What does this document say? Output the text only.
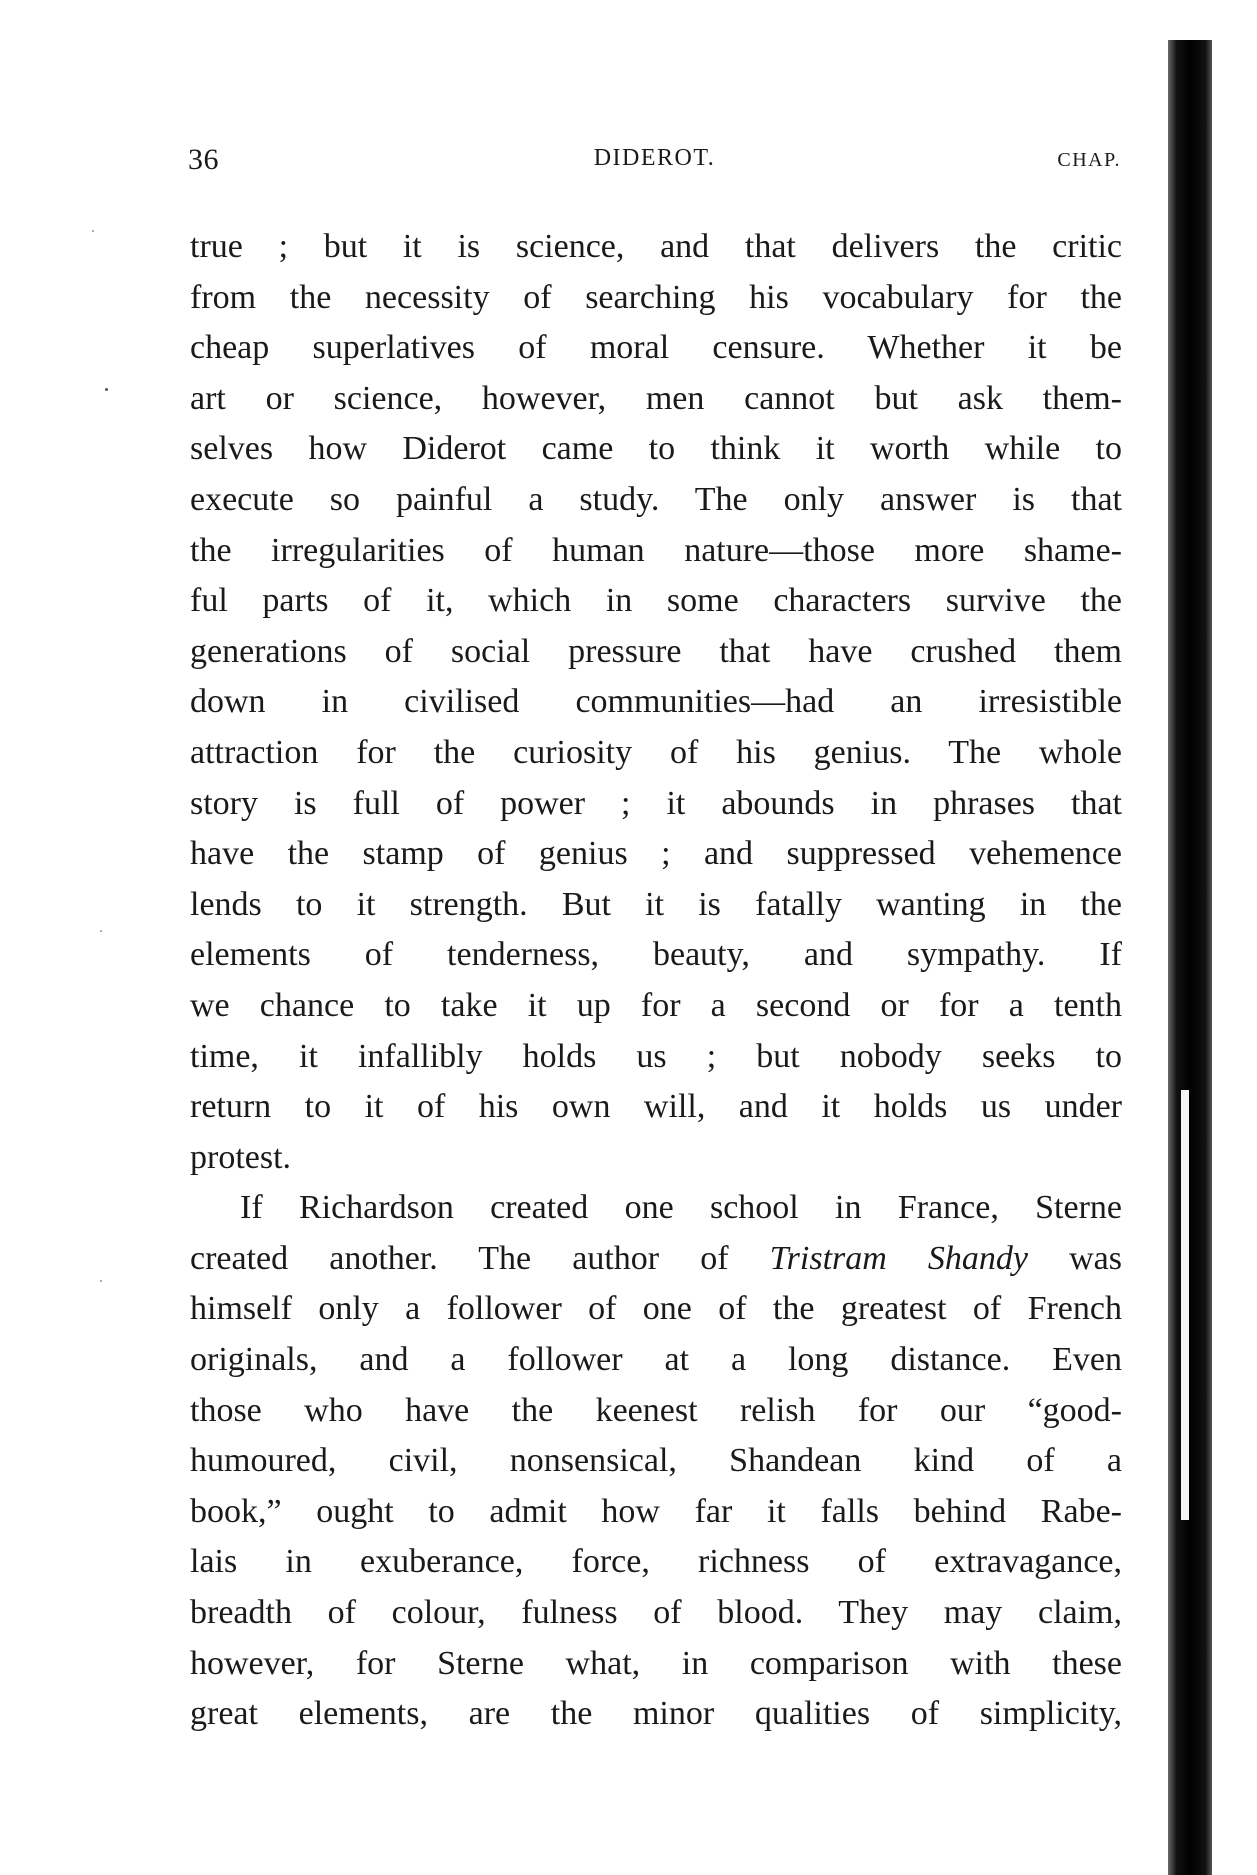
36	DIDEROT.	CHAP.
true ; but it is science, and that delivers the critic
from the necessity of searching his vocabulary for the
cheap superlatives of moral censure. Whether it be
art or science, however, men cannot but ask them-
selves how Diderot came to think it worth while to
execute so painful a study. The only answer is that
the irregularities of human nature—those more shame-
ful parts of it, which in some characters survive the
generations of social pressure that have crushed them
down in civilised communities—had an irresistible
attraction for the curiosity of his genius. The whole
story is full of power ; it abounds in phrases that
have the stamp of genius ; and suppressed vehemence
lends to it strength. But it is fatally wanting in the
elements of tenderness, beauty, and sympathy. If
we chance to take it up for a second or for a tenth
time, it infallibly holds us ; but nobody seeks to
return to it of his own will, and it holds us under
protest.
If Richardson created one school in France, Sterne
created another. The author of Tristram Shandy was
himself only a follower of one of the greatest of French
originals, and a follower at a long distance. Even
those who have the keenest relish for our “good-
humoured, civil, nonsensical, Shandean kind of a
book,” ought to admit how far it falls behind Rabe-
lais in exuberance, force, richness of extravagance,
breadth of colour, fulness of blood. They may claim,
however, for Sterne what, in comparison with these
great elements, are the minor qualities of simplicity,
